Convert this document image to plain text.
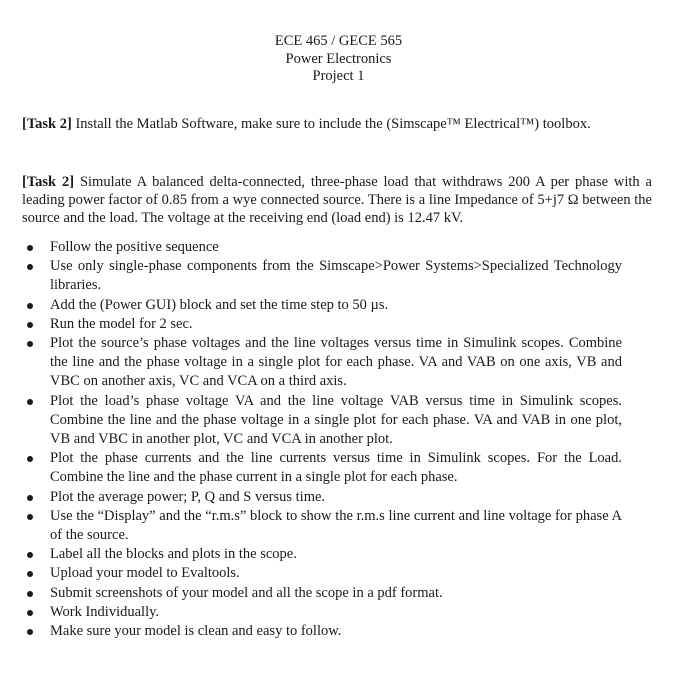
ECE 465 / GECE 565
Power Electronics
Project 1
[Task 2] Install the Matlab Software, make sure to include the (Simscape™ Electrical™) toolbox.
[Task 2] Simulate A balanced delta-connected, three-phase load that withdraws 200 A per phase with a leading power factor of 0.85 from a wye connected source. There is a line Impedance of 5+j7 Ω between the source and the load. The voltage at the receiving end (load end) is 12.47 kV.
Follow the positive sequence
Use only single-phase components from the Simscape>Power Systems>Specialized Technology libraries.
Add the (Power GUI) block and set the time step to 50 µs.
Run the model for 2 sec.
Plot the source’s phase voltages and the line voltages versus time in Simulink scopes. Combine the line and the phase voltage in a single plot for each phase. VA and VAB on one axis, VB and VBC on another axis, VC and VCA on a third axis.
Plot the load’s phase voltage VA and the line voltage VAB versus time in Simulink scopes. Combine the line and the phase voltage in a single plot for each phase. VA and VAB in one plot, VB and VBC in another plot, VC and VCA in another plot.
Plot the phase currents and the line currents versus time in Simulink scopes. For the Load. Combine the line and the phase current in a single plot for each phase.
Plot the average power; P, Q and S versus time.
Use the “Display” and the “r.m.s” block to show the r.m.s line current and line voltage for phase A of the source.
Label all the blocks and plots in the scope.
Upload your model to Evaltools.
Submit screenshots of your model and all the scope in a pdf format.
Work Individually.
Make sure your model is clean and easy to follow.
